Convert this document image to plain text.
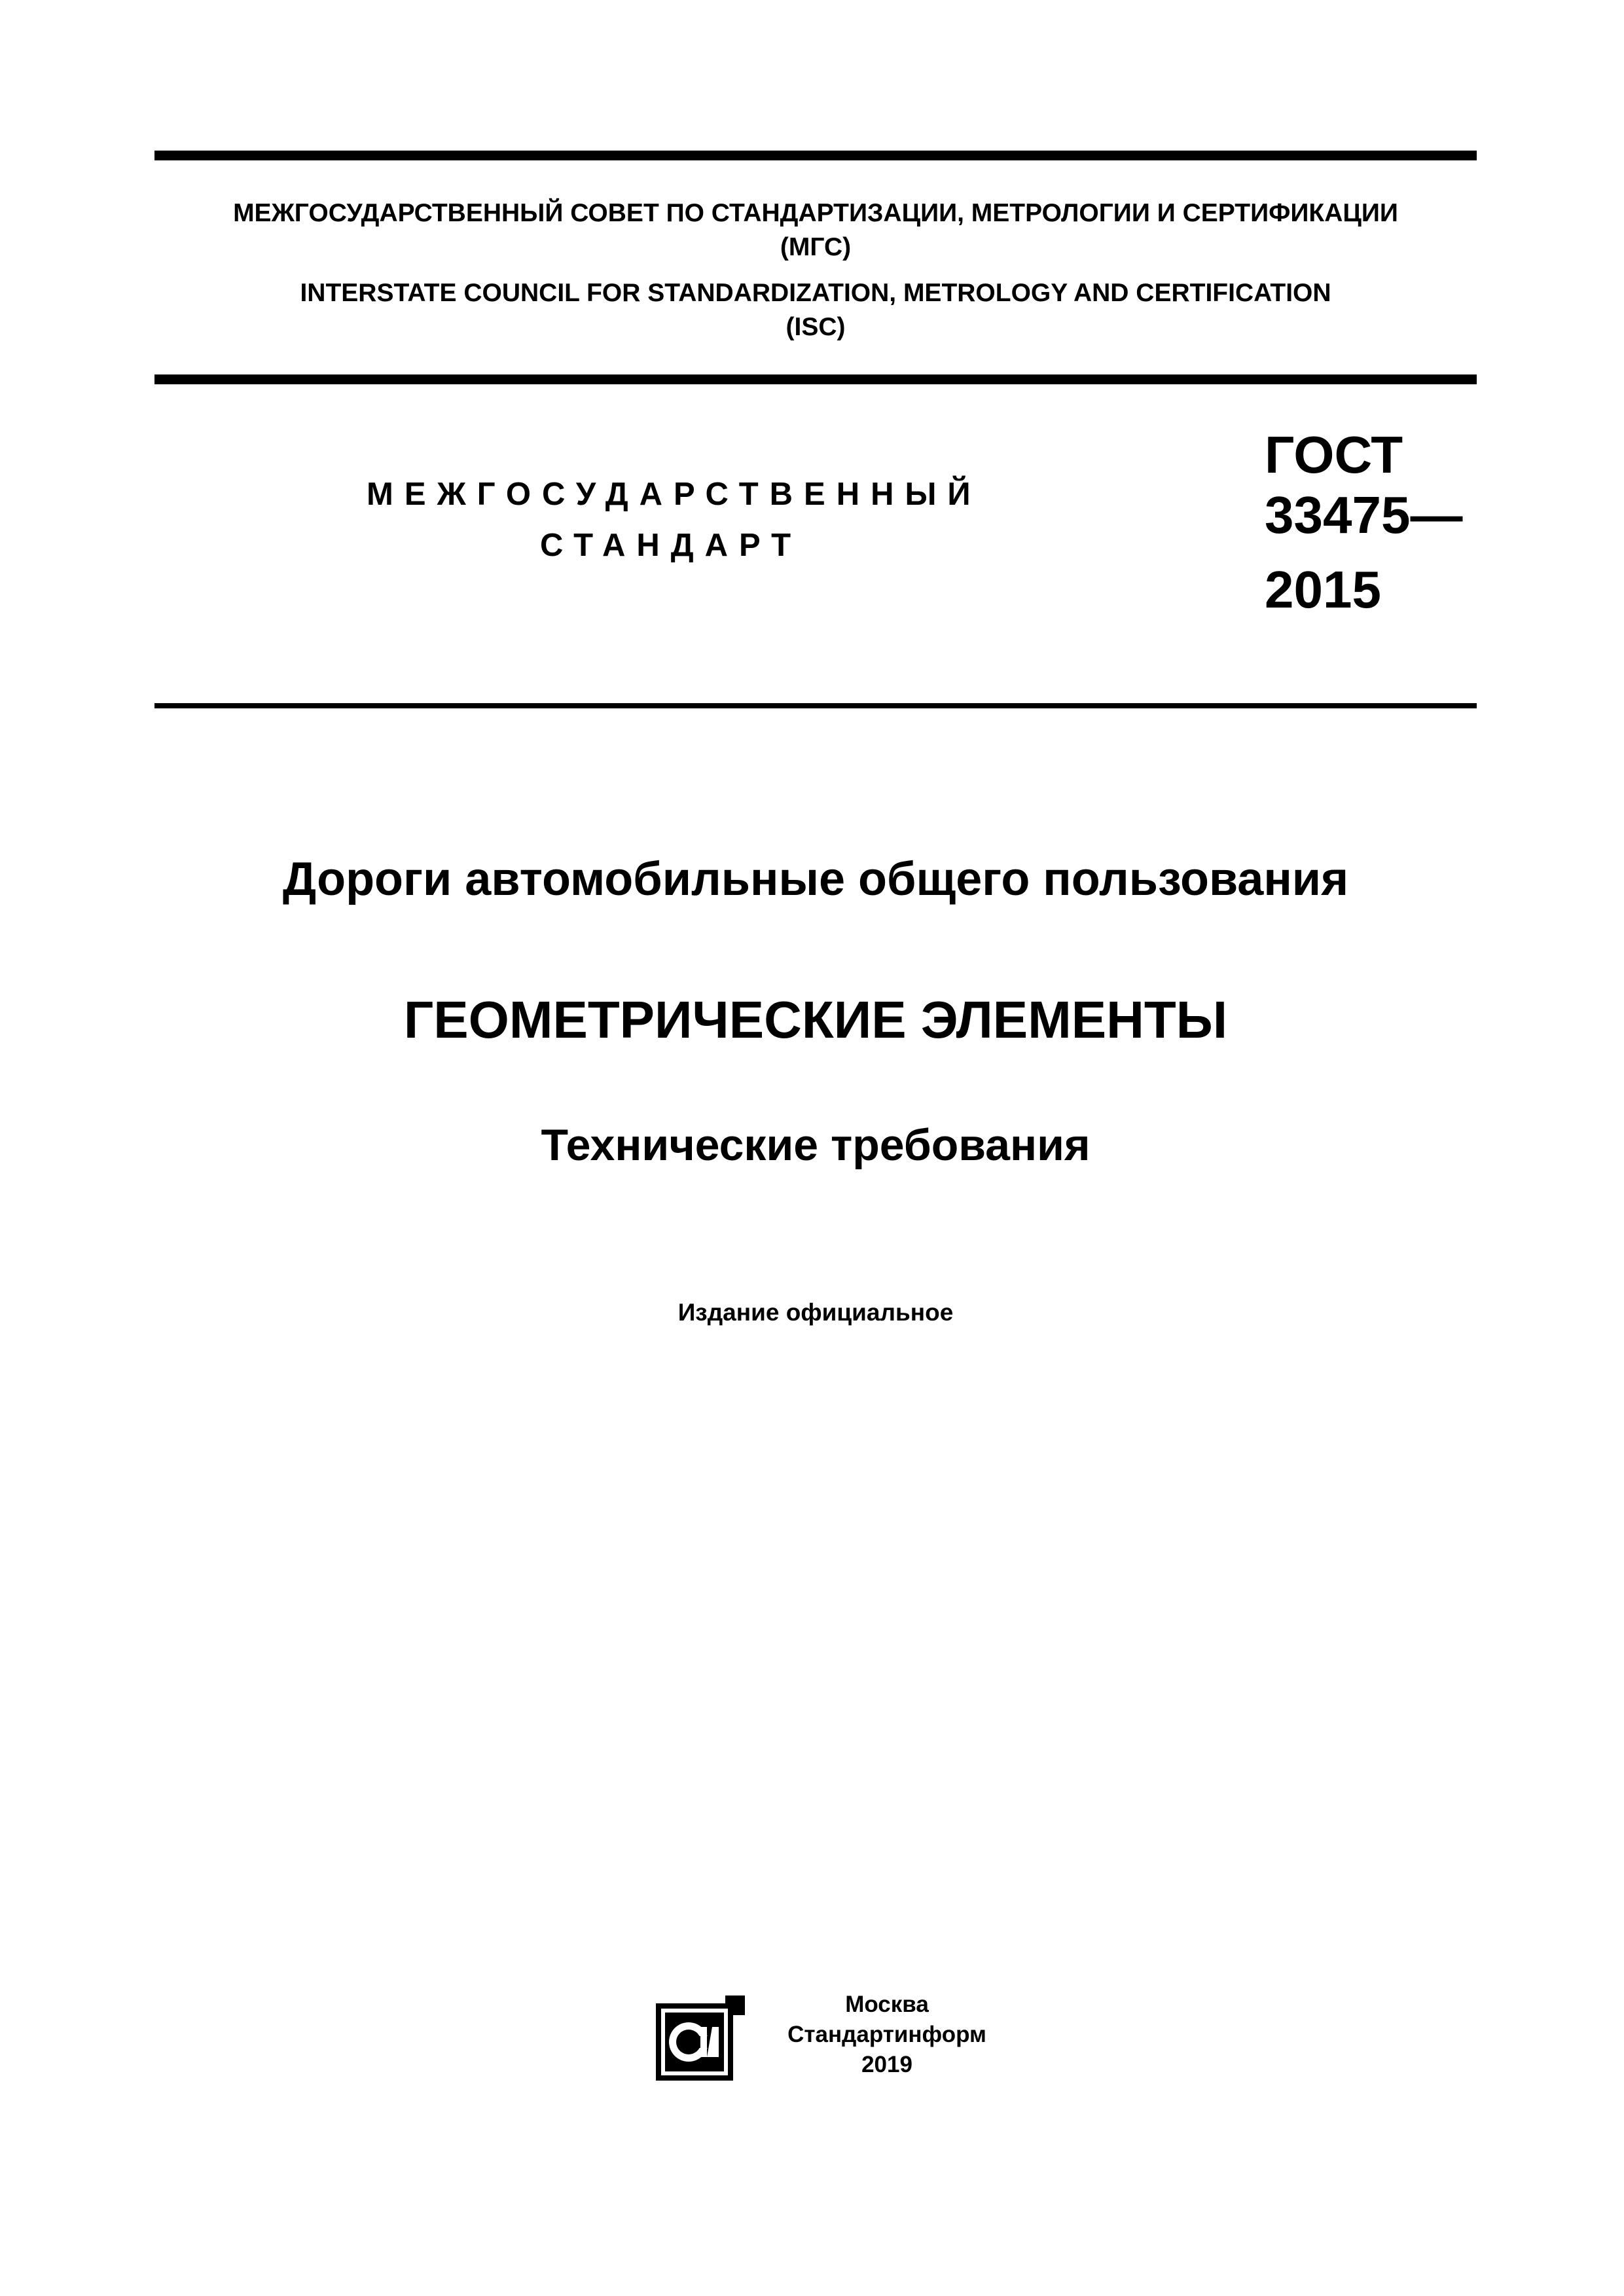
МЕЖГОСУДАРСТВЕННЫЙ СОВЕТ ПО СТАНДАРТИЗАЦИИ, МЕТРОЛОГИИ И СЕРТИФИКАЦИИ
(МГС)
INTERSTATE COUNCIL FOR STANDARDIZATION, METROLOGY AND CERTIFICATION
(ISC)
МЕЖГОСУДАРСТВЕННЫЙ
СТАНДАРТ
ГОСТ
33475—
2015
Дороги автомобильные общего пользования
ГЕОМЕТРИЧЕСКИЕ ЭЛЕМЕНТЫ
Технические требования
Издание официальное
Москва
Стандартинформ
2019
